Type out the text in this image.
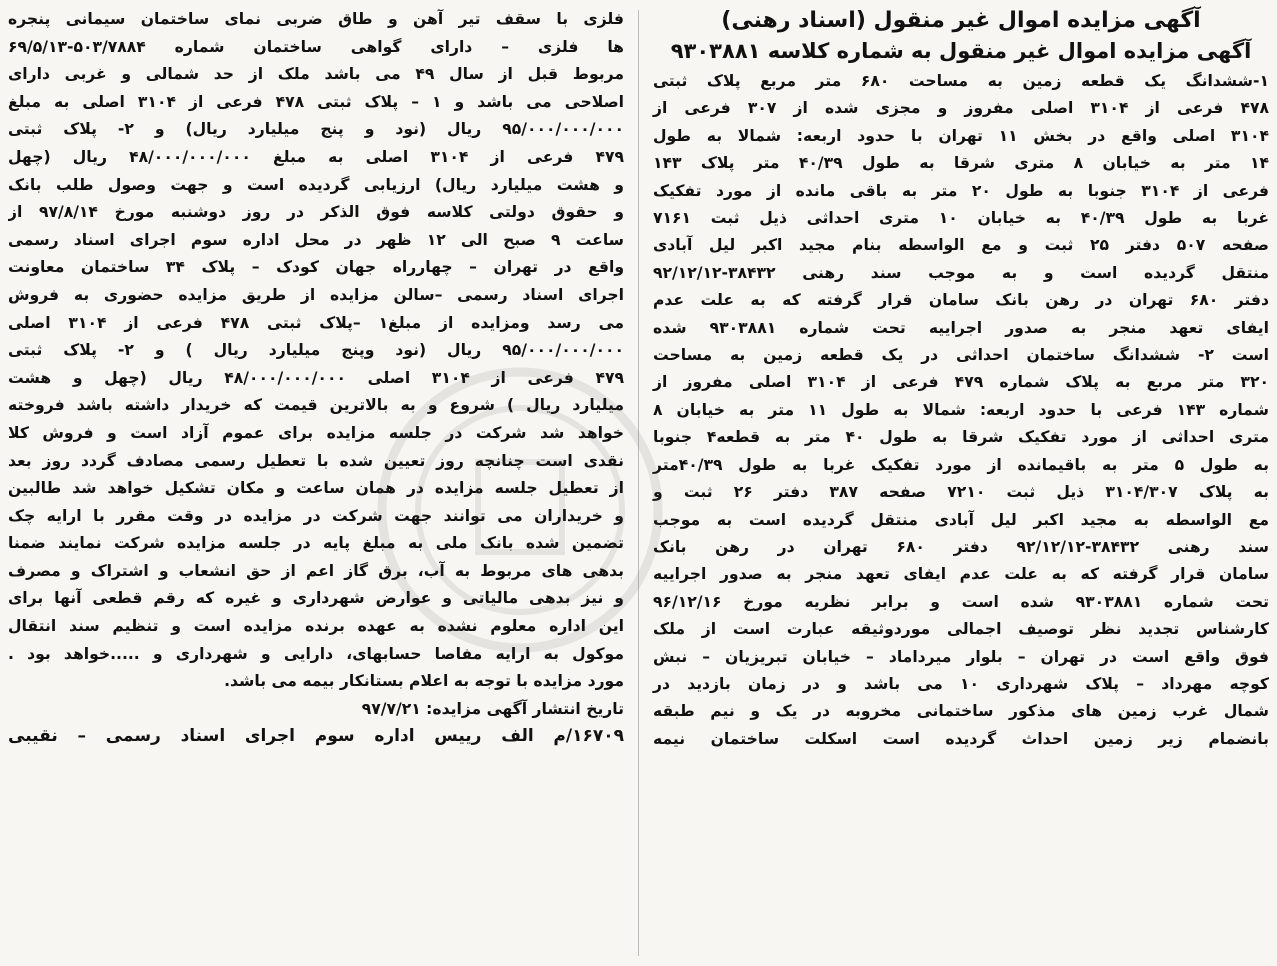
آگهی مزایده اموال غیر منقول (اسناد رهنی)
آگهی مزایده اموال غیر منقول به شماره کلاسه ۹۳۰۳۸۸۱
۱-ششدانگ یک قطعه زمین به مساحت ۶۸۰ متر مربع پلاک ثبتی
۴۷۸ فرعی از ۳۱۰۴ اصلی مفروز و مجزی شده از ۳۰۷ فرعی از
۳۱۰۴ اصلی واقع در بخش ۱۱ تهران با حدود اربعه: شمالا به طول
۱۴ متر به خیابان ۸ متری شرقا به طول ۴۰/۳۹ متر پلاک ۱۴۳
فرعی از ۳۱۰۴ جنوبا به طول ۲۰ متر به باقی مانده از مورد تفکیک
غربا به طول ۴۰/۳۹ به خیابان ۱۰ متری احداثی ذیل ثبت ۷۱۶۱
صفحه ۵۰۷ دفتر ۲۵ ثبت و مع الواسطه بنام مجید اکبر لیل آبادی
منتقل گردیده است و به موجب سند رهنی ۳۸۴۳۲-۹۲/۱۲/۱۲
دفتر ۶۸۰ تهران در رهن بانک سامان قرار گرفته که به علت عدم
ایفای تعهد منجر به صدور اجراییه تحت شماره ۹۳۰۳۸۸۱ شده
است ۲- ششدانگ ساختمان احداثی در یک قطعه زمین به مساحت
۳۲۰ متر مربع به پلاک شماره ۴۷۹ فرعی از ۳۱۰۴ اصلی مفروز از
شماره ۱۴۳ فرعی با حدود اربعه: شمالا به طول ۱۱ متر به خیابان ۸
متری احداثی از مورد تفکیک شرقا به طول ۴۰ متر به قطعه۴ جنوبا
به طول ۵ متر به باقیمانده از مورد تفکیک غربا به طول ۴۰/۳۹متر
به پلاک ۳۱۰۴/۳۰۷ ذیل ثبت ۷۲۱۰ صفحه ۳۸۷ دفتر ۲۶ ثبت و
مع الواسطه به مجید اکبر لیل آبادی منتقل گردیده است به موجب
سند رهنی ۳۸۴۳۲-۹۲/۱۲/۱۲ دفتر ۶۸۰ تهران در رهن بانک
سامان قرار گرفته که به علت عدم ایفای تعهد منجر به صدور اجراییه
تحت شماره ۹۳۰۳۸۸۱ شده است و برابر نظریه مورخ ۹۶/۱۲/۱۶
کارشناس تجدید نظر توصیف اجمالی موردوثیقه عبارت است از ملک
فوق واقع است در تهران – بلوار میرداماد – خیابان تبریزیان – نبش
کوچه مهرداد – پلاک شهرداری ۱۰ می باشد و در زمان بازدید در
شمال غرب زمین های مذکور ساختمانی مخروبه در یک و نیم طبقه
بانضمام زیر زمین احداث گردیده است اسکلت ساختمان نیمه
فلزی با سقف تیر آهن و طاق ضربی نمای ساختمان سیمانی پنجره
ها فلزی – دارای گواهی ساختمان شماره ۵۰۳/۷۸۸۴-۶۹/۵/۱۳
مربوط قبل از سال ۴۹ می باشد ملک از حد شمالی و غربی دارای
اصلاحی می باشد و ۱ – پلاک ثبتی ۴۷۸ فرعی از ۳۱۰۴ اصلی به مبلغ
۹۵/۰۰۰/۰۰۰/۰۰۰ ریال (نود و پنج میلیارد ریال) و ۲- پلاک ثبتی
۴۷۹ فرعی از ۳۱۰۴ اصلی به مبلغ ۴۸/۰۰۰/۰۰۰/۰۰۰ ریال (چهل
و هشت میلیارد ریال) ارزیابی گردیده است و جهت وصول طلب بانک
و حقوق دولتی کلاسه فوق الذکر در روز دوشنبه مورخ ۹۷/۸/۱۴ از
ساعت ۹ صبح الی ۱۲ ظهر در محل اداره سوم اجرای اسناد رسمی
واقع در تهران – چهارراه جهان کودک – پلاک ۳۴ ساختمان معاونت
اجرای اسناد رسمی –سالن مزایده از طریق مزایده حضوری به فروش
می رسد ومزایده از مبلغ۱ –پلاک ثبتی ۴۷۸ فرعی از ۳۱۰۴ اصلی
۹۵/۰۰۰/۰۰۰/۰۰۰ ریال (نود وپنج میلیارد ریال ) و ۲- پلاک ثبتی
۴۷۹ فرعی از ۳۱۰۴ اصلی ۴۸/۰۰۰/۰۰۰/۰۰۰ ریال (چهل و هشت
میلیارد ریال ) شروع و به بالاترین قیمت که خریدار داشته باشد فروخته
خواهد شد شرکت در جلسه مزایده برای عموم آزاد است و فروش کلا
نقدی است چنانچه روز تعیین شده با تعطیل رسمی مصادف گردد روز بعد
از تعطیل جلسه مزایده در همان ساعت و مکان تشکیل خواهد شد طالبین
و خریداران می توانند جهت شرکت در مزایده در وقت مقرر با ارایه چک
تضمین شده بانک ملی به مبلغ پایه در جلسه مزایده شرکت نمایند ضمنا
بدهی های مربوط به آب، برق گاز اعم از حق انشعاب و اشتراک و مصرف
و نیز بدهی مالیاتی و عوارض شهرداری و غیره که رقم قطعی آنها برای
این اداره معلوم نشده به عهده برنده مزایده است و تنظیم سند انتقال
موکول به ارایه مفاصا حسابهای، دارایی و شهرداری و .....خواهد بود .
مورد مزایده با توجه به اعلام بستانکار بیمه می باشد.
تاریخ انتشار آگهی مزایده: ۹۷/۷/۲۱
۱۶۷۰۹/م الف رییس اداره سوم اجرای اسناد رسمی – نقیبی
